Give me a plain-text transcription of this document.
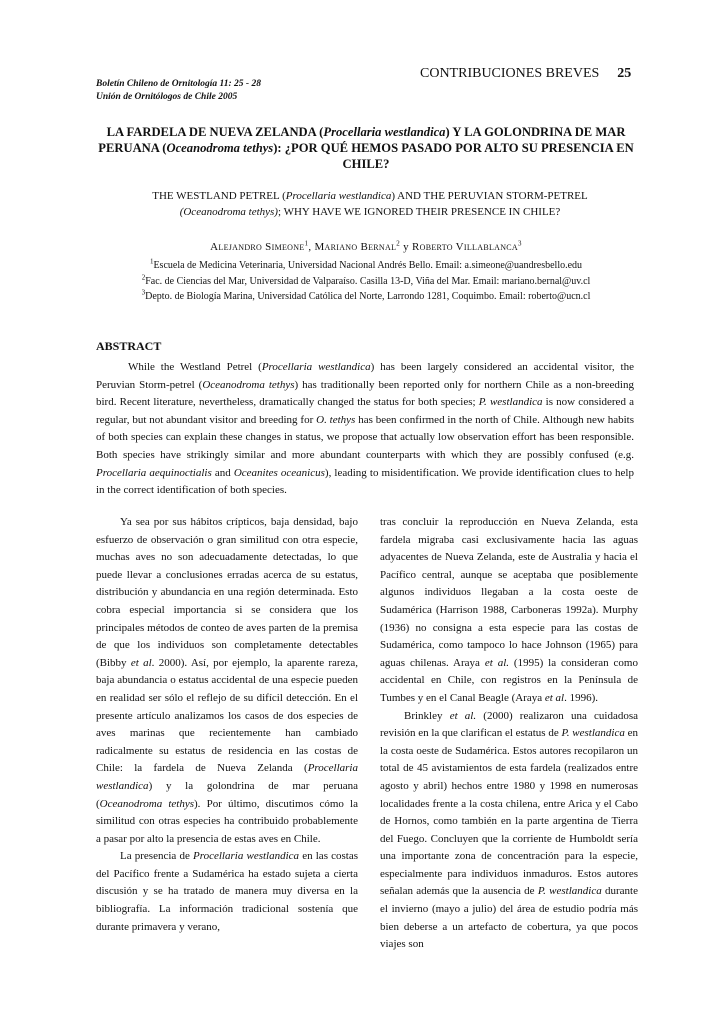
Boletín Chileno de Ornitología 11: 25 - 28
Unión de Ornitólogos de Chile 2005
CONTRIBUCIONES BREVES 25
LA FARDELA DE NUEVA ZELANDA (Procellaria westlandica) Y LA GOLONDRINA DE MAR PERUANA (Oceanodroma tethys): ¿POR QUÉ HEMOS PASADO POR ALTO SU PRESENCIA EN CHILE?
THE WESTLAND PETREL (Procellaria westlandica) AND THE PERUVIAN STORM-PETREL
(Oceanodroma tethys); WHY HAVE WE IGNORED THEIR PRESENCE IN CHILE?
Alejandro Simeone$^1$, Mariano Bernal$^2$ y Roberto Villablanca$^3$
$^1$Escuela de Medicina Veterinaria, Universidad Nacional Andrés Bello. Email: a.simeone@uandresbello.edu
$^2$Fac. de Ciencias del Mar, Universidad de Valparaíso. Casilla 13-D, Viña del Mar. Email: mariano.bernal@uv.cl
$^3$Depto. de Biología Marina, Universidad Católica del Norte, Larrondo 1281, Coquimbo. Email: roberto@ucn.cl
ABSTRACT

While the Westland Petrel (Procellaria westlandica) has been largely considered an accidental visitor, the Peruvian Storm-petrel (Oceanodroma tethys) has traditionally been reported only for northern Chile as a non-breeding bird. Recent literature, nevertheless, dramatically changed the status for both species; P. westlandica is now considered a regular, but not abundant visitor and breeding for O. tethys has been confirmed in the north of Chile. Although new habits of both species can explain these changes in status, we propose that actually low observation effort has been responsible. Both species have strikingly similar and more abundant counterparts with which they are possibly confused (e.g. Procellaria aequinoctialis and Oceanites oceanicus), leading to misidentification. We provide identification clues to help in the correct identification of both species.

Ya sea por sus hábitos crípticos, baja densidad, bajo esfuerzo de observación o gran similitud con otra especie, muchas aves no son adecuadamente detectadas, lo que puede llevar a conclusiones erradas acerca de su estatus, distribución y abundancia en una región determinada. Esto cobra especial importancia si se considera que los principales métodos de conteo de aves parten de la premisa de que los individuos son completamente detectables (Bibby et al. 2000). Así, por ejemplo, la aparente rareza, baja abundancia o estatus accidental de una especie pueden en realidad ser sólo el reflejo de su difícil detección. En el presente artículo analizamos los casos de dos especies de aves marinas que recientemente han cambiado radicalmente su estatus de residencia en las costas de Chile: la fardela de Nueva Zelanda (Procellaria westlandica) y la golondrina de mar peruana (Oceanodroma tethys). Por último, discutimos cómo la similitud con otras especies ha contribuido probablemente a pasar por alto la presencia de estas aves en Chile.

La presencia de Procellaria westlandica en las costas del Pacífico frente a Sudamérica ha estado sujeta a cierta discusión y se ha tratado de manera muy diversa en la bibliografía. La información tradicional sostenía que durante primavera y verano,

tras concluir la reproducción en Nueva Zelanda, esta fardela migraba casi exclusivamente hacia las aguas adyacentes de Nueva Zelanda, este de Australia y hacia el Pacífico central, aunque se aceptaba que posiblemente algunos individuos llegaban a la costa oeste de Sudamérica (Harrison 1988, Carboneras 1992a). Murphy (1936) no consigna a esta especie para las costas de Sudamérica, como tampoco lo hace Johnson (1965) para aguas chilenas. Araya et al. (1995) la consideran como accidental en Chile, con registros en la Península de Tumbes y en el Canal Beagle (Araya et al. 1996).

Brinkley et al. (2000) realizaron una cuidadosa revisión en la que clarifican el estatus de P. westlandica en la costa oeste de Sudamérica. Estos autores recopilaron un total de 45 avistamientos de esta fardela (realizados entre agosto y abril) hechos entre 1980 y 1998 en numerosas localidades frente a la costa chilena, entre Arica y el Cabo de Hornos, como también en la parte argentina de Tierra del Fuego. Concluyen que la corriente de Humboldt sería una importante zona de concentración para la especie, especialmente para individuos inmaduros. Estos autores señalan además que la ausencia de P. westlandica durante el invierno (mayo a julio) del área de estudio podría más bien deberse a un artefacto de cobertura, ya que pocos viajes son
